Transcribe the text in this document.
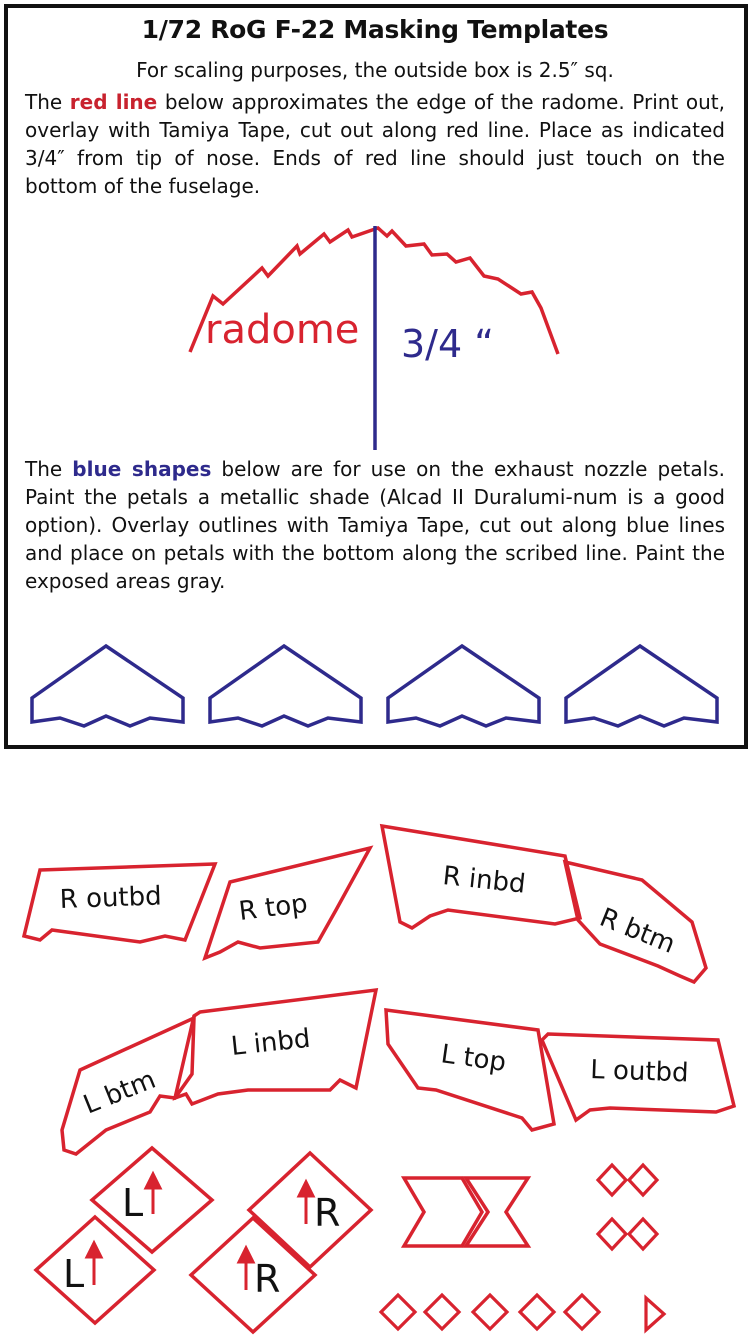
1/72 RoG F-22 Masking Templates
For scaling purposes, the outside box is 2.5″ sq.
The red line below approximates the edge of the radome. Print out, overlay with Tamiya Tape, cut out along red line. Place as indicated 3/4″ from tip of nose. Ends of red line should just touch on the bottom of the fuselage.
The blue shapes below are for use on the exhaust nozzle petals. Paint the petals a metallic shade (Alcad II Duralumi-num is a good option). Overlay outlines with Tamiya Tape, cut out along blue lines and place on petals with the bottom along the scribed line. Paint the exposed areas gray.
radome 3/4 “
R outbd	R top
R inbd
R btm
L btm
L inbd	L top	L outbd
L
L
R
R
